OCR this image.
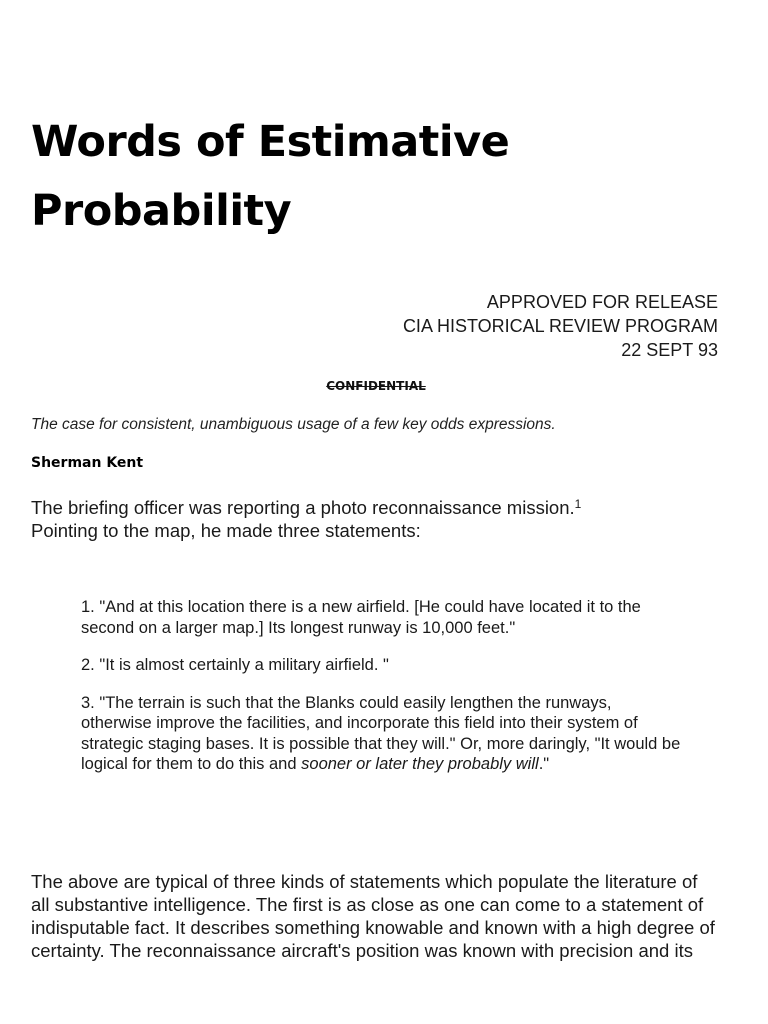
Words of Estimative
Probability
APPROVED FOR RELEASE
CIA HISTORICAL REVIEW PROGRAM
22 SEPT 93
CONFIDENTIAL
The case for consistent, unambiguous usage of a few key odds expressions.
Sherman Kent
The briefing officer was reporting a photo reconnaissance mission.$^1$
Pointing to the map, he made three statements:
1. "And at this location there is a new airfield. [He could have located it to the second on a larger map.] Its longest runway is 10,000 feet."
2. "It is almost certainly a military airfield. "
3. "The terrain is such that the Blanks could easily lengthen the runways, otherwise improve the facilities, and incorporate this field into their system of strategic staging bases. It is possible that they will." Or, more daringly, "It would be logical for them to do this and sooner or later they probably will."
The above are typical of three kinds of statements which populate the literature of all substantive intelligence. The first is as close as one can come to a statement of indisputable fact. It describes something knowable and known with a high degree of certainty. The reconnaissance aircraft's position was known with precision and its
